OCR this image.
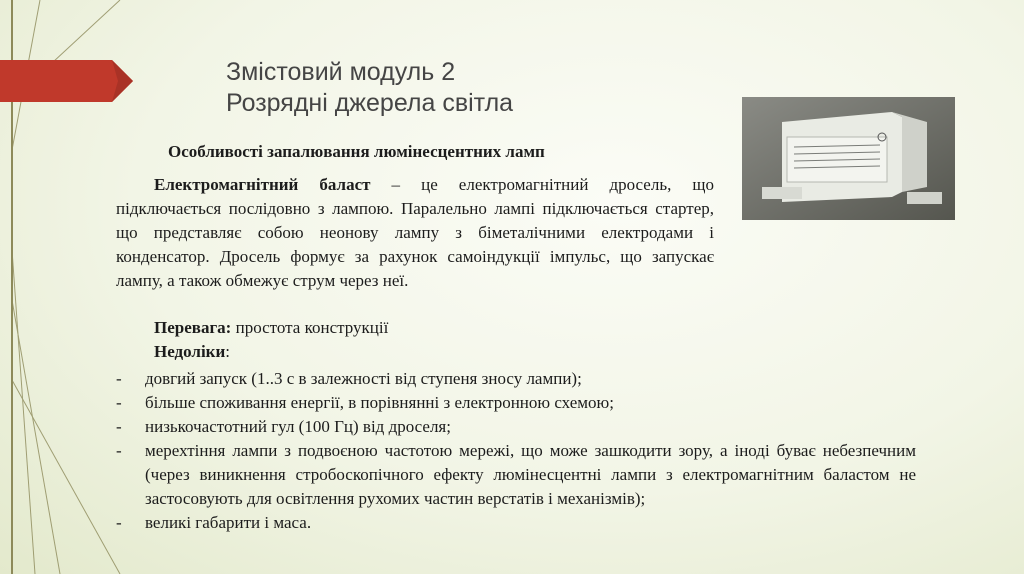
Змістовий модуль 2
Розрядні джерела світла
Особливості запалювання люмінесцентних ламп
Електромагнітний баласт – це електромагнітний дросель, що підключається послідовно з лампою. Паралельно лампі підключається стартер, що представляє собою неонову лампу з біметалічними електродами і конденсатор. Дросель формує за рахунок самоіндукції імпульс, що запускає лампу, а також обмежує струм через неї.
Перевага: простота конструкції
Недоліки:
- довгий запуск (1..3 с в залежності від ступеня зносу лампи);
- більше споживання енергії, в порівнянні з електронною схемою;
- низькочастотний гул (100 Гц) від дроселя;
- мерехтіння лампи з подвоєною частотою мережі, що може зашкодити зору, а іноді буває небезпечним (через виникнення стробоскопічного ефекту люмінесцентні лампи з електромагнітним баластом не застосовують для освітлення рухомих частин верстатів і механізмів);
- великі габарити і маса.
